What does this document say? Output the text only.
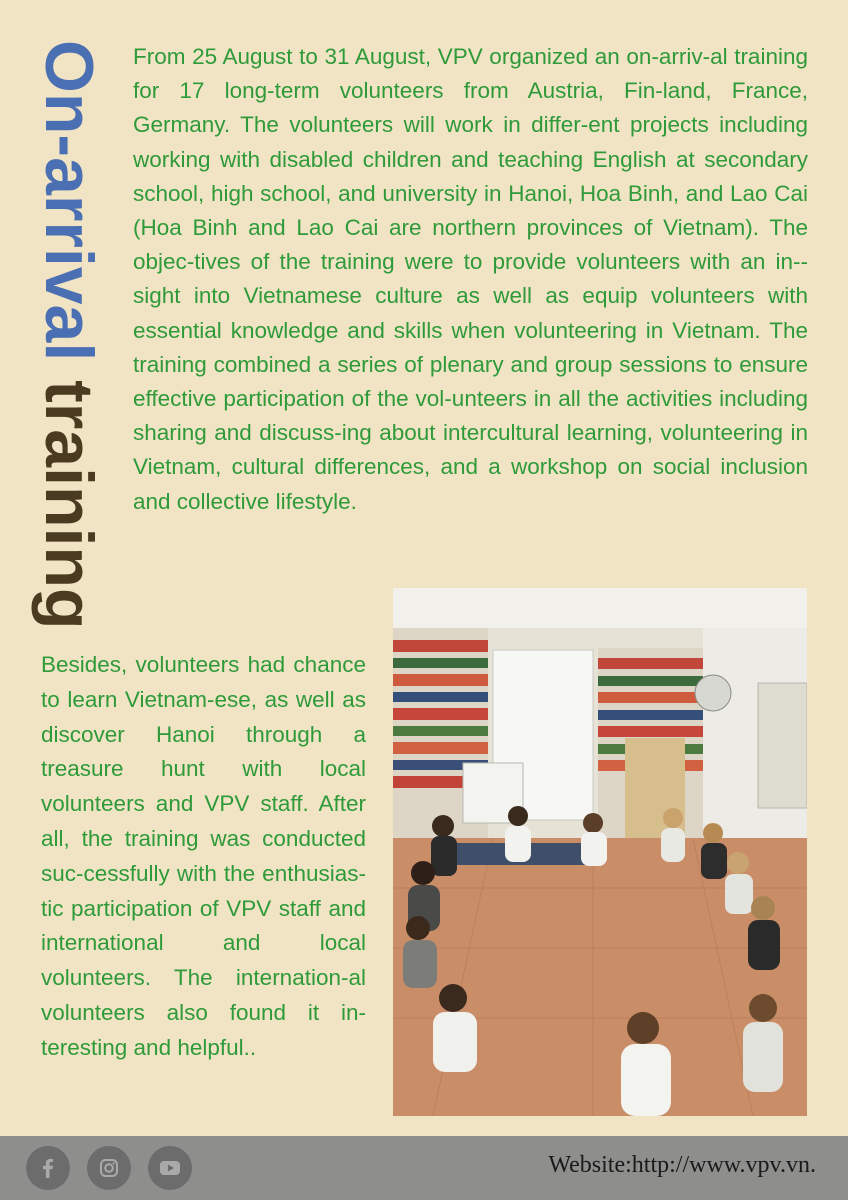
On-arrival training

From 25 August to 31 August, VPV organized an on-arriv-al training for 17 long-term volunteers from Austria, Fin-land, France, Germany. The volunteers will work in differ-ent projects including working with disabled children and teaching English at secondary school, high school, and university in Hanoi, Hoa Binh, and Lao Cai (Hoa Binh and Lao Cai are northern provinces of Vietnam). The objec-tives of the training were to provide volunteers with an in-sight into Vietnamese culture as well as equip volunteers with essential knowledge and skills when volunteering in Vietnam. The training combined a series of plenary and group sessions to ensure effective participation of the vol-unteers in all the activities including sharing and discuss-ing about intercultural learning, volunteering in Vietnam, cultural differences, and a workshop on social inclusion and collective lifestyle.

Besides, volunteers had chance to learn Vietnam-ese, as well as discover Hanoi through a treasure hunt with local volunteers and VPV staff. After all, the training was conducted suc-cessfully with the enthusias-tic participation of VPV staff and international and local volunteers. The internation-al volunteers also found it in-teresting and helpful..

Website:http://www.vpv.vn.
